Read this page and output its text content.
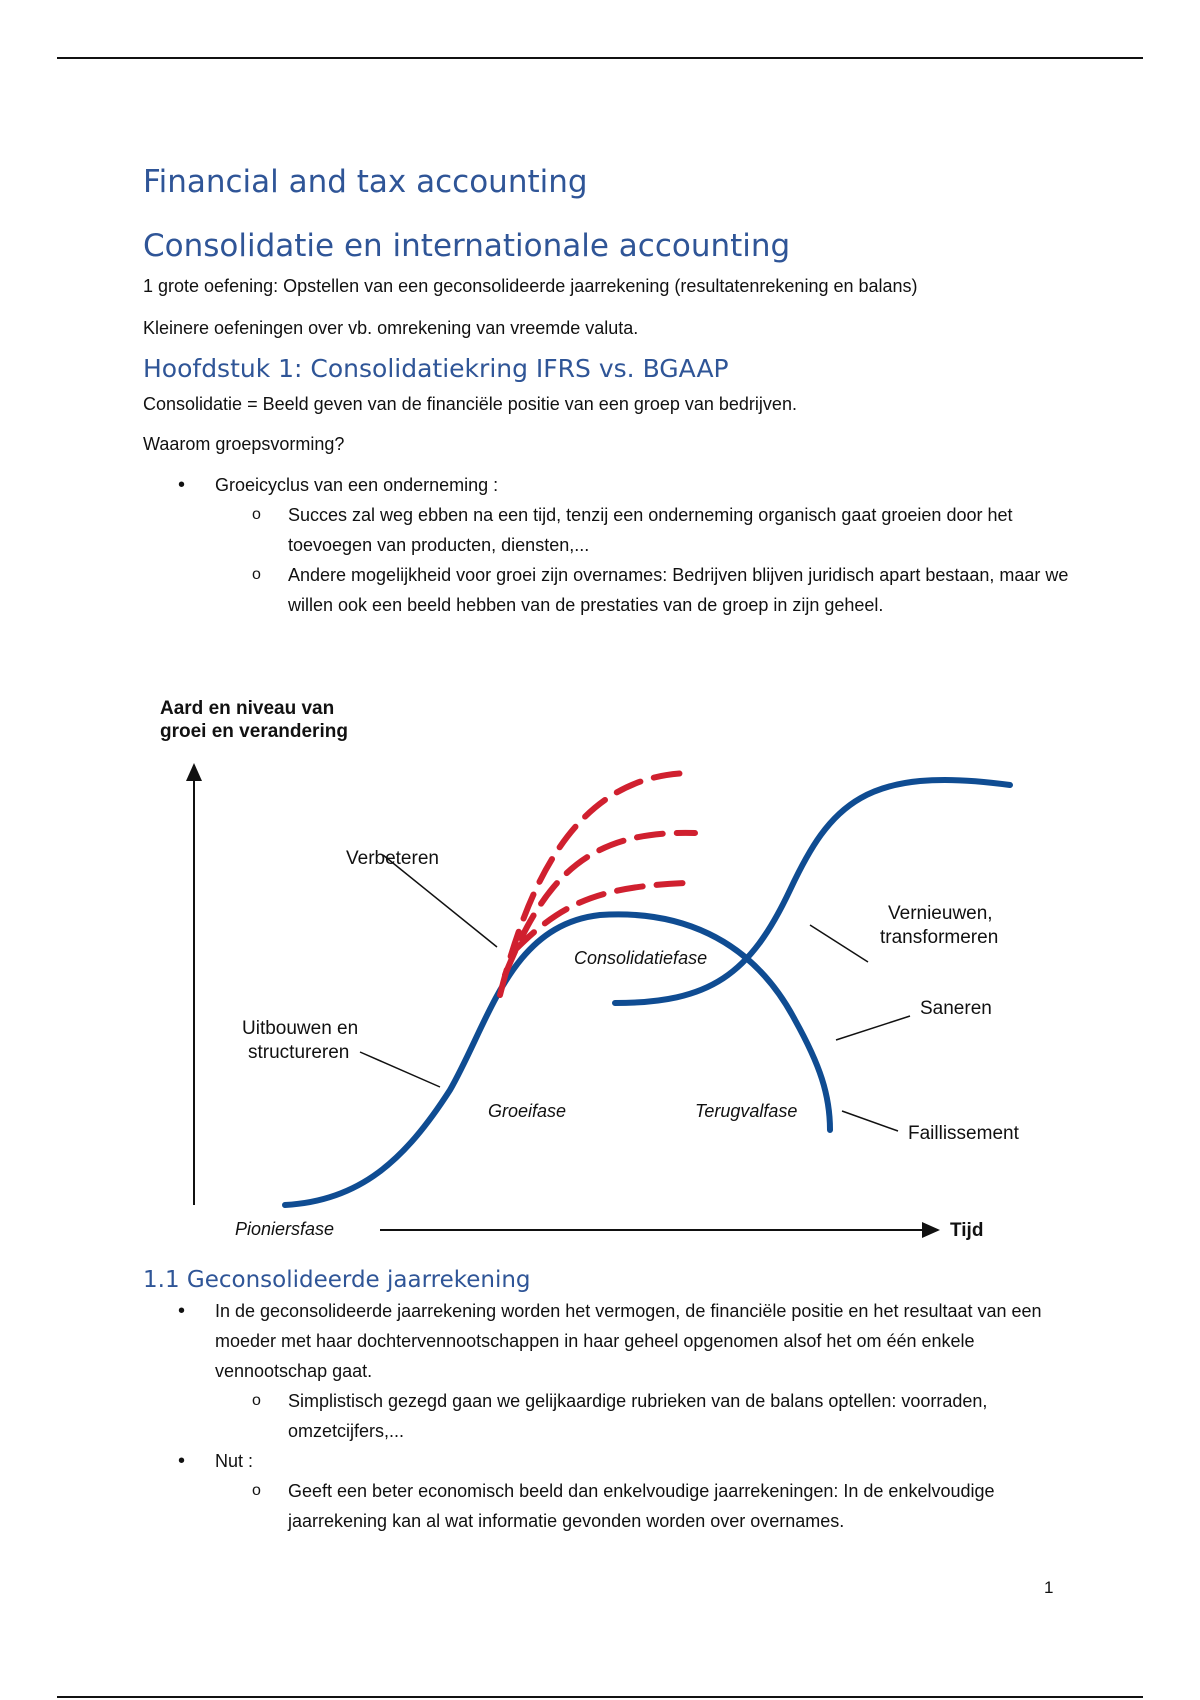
Financial and tax accounting
Consolidatie en internationale accounting
1 grote oefening: Opstellen van een geconsolideerde jaarrekening (resultatenrekening en balans)
Kleinere oefeningen over vb. omrekening van vreemde valuta.
Hoofdstuk 1: Consolidatiekring IFRS vs. BGAAP
Consolidatie = Beeld geven van de financiële positie van een groep van bedrijven.
Waarom groepsvorming?
• Groeicyclus van een onderneming :
o Succes zal weg ebben na een tijd, tenzij een onderneming organisch gaat groeien door het toevoegen van producten, diensten,...
o Andere mogelijkheid voor groei zijn overnames: Bedrijven blijven juridisch apart bestaan, maar we willen ook een beeld hebben van de prestaties van de groep in zijn geheel.
1.1 Geconsolideerde jaarrekening
• In de geconsolideerde jaarrekening worden het vermogen, de financiële positie en het resultaat van een moeder met haar dochtervennootschappen in haar geheel opgenomen alsof het om één enkele vennootschap gaat.
o Simplistisch gezegd gaan we gelijkaardige rubrieken van de balans optellen: voorraden, omzetcijfers,...
• Nut :
o Geeft een beter economisch beeld dan enkelvoudige jaarrekeningen: In de enkelvoudige jaarrekening kan al wat informatie gevonden worden over overnames.
Aard en niveau van
groei en verandering
Tijd
Verbeteren
Uitbouwen en
structureren
Vernieuwen,
transformeren
Saneren
Faillissement
Pioniersfase
Groeifase
Consolidatiefase
Terugvalfase
1
